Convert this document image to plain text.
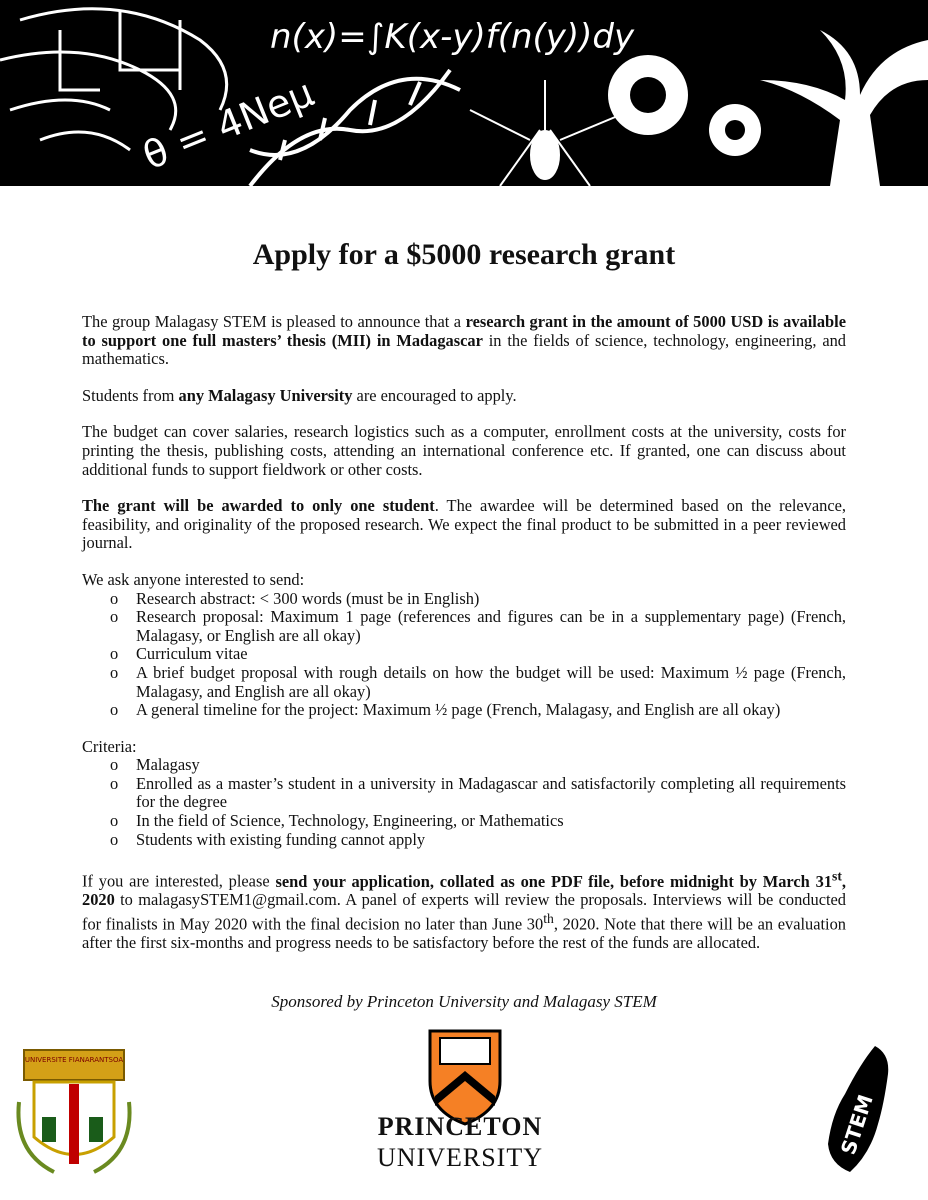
n(x)=∫K(x-y)f(n(y))dy
θ = 4Neμ
Apply for a $5000 research grant

The group Malagasy STEM is pleased to announce that a research grant in the amount of 5000 USD is available to support one full masters’ thesis (MII) in Madagascar in the fields of science, technology, engineering, and mathematics.

Students from any Malagasy University are encouraged to apply.

The budget can cover salaries, research logistics such as a computer, enrollment costs at the university, costs for printing the thesis, publishing costs, attending an international conference etc. If granted, one can discuss about additional funds to support fieldwork or other costs.

The grant will be awarded to only one student. The awardee will be determined based on the relevance, feasibility, and originality of the proposed research. We expect the final product to be submitted in a peer reviewed journal.

We ask anyone interested to send:

o Research abstract: < 300 words (must be in English)
o Research proposal: Maximum 1 page (references and figures can be in a supplementary page) (French, Malagasy, or English are all okay)
o Curriculum vitae
o A brief budget proposal with rough details on how the budget will be used: Maximum ½ page (French, Malagasy, and English are all okay)
o A general timeline for the project: Maximum ½ page (French, Malagasy, and English are all okay)

Criteria:

o Malagasy
o Enrolled as a master’s student in a university in Madagascar and satisfactorily completing all requirements for the degree
o In the field of Science, Technology, Engineering, or Mathematics
o Students with existing funding cannot apply

If you are interested, please send your application, collated as one PDF file, before midnight by March 31st, 2020 to malagasySTEM1@gmail.com. A panel of experts will review the proposals. Interviews will be conducted for finalists in May 2020 with the final decision no later than June 30th, 2020. Note that there will be an evaluation after the first six-months and progress needs to be satisfactory before the rest of the funds are allocated.

Sponsored by Princeton University and Malagasy STEM
UNIVERSITE FIANARANTSOA
PRINCETON
UNIVERSITY	STEM
